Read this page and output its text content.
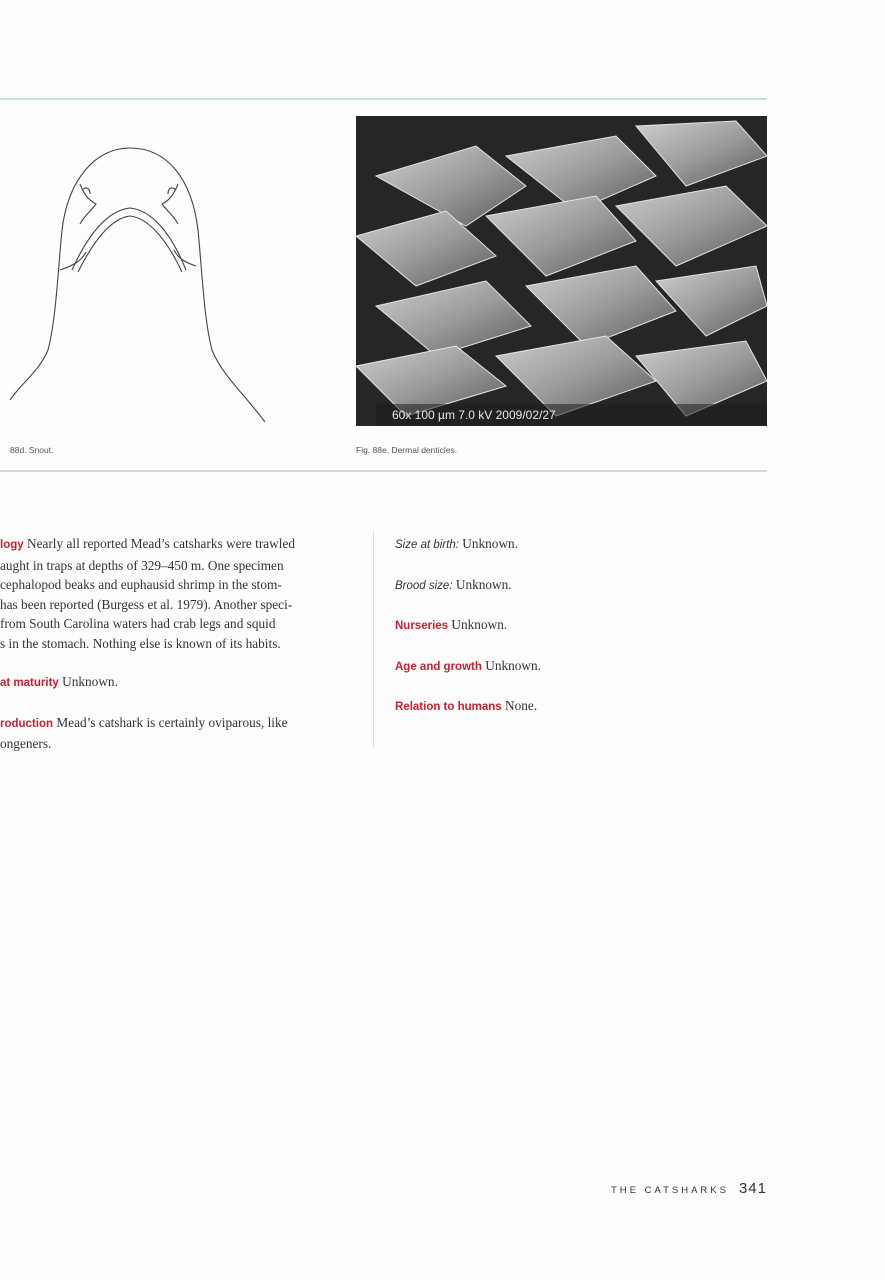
60x 100 µm 7.0 kV 2009/02/27
88d. Snout.	Fig. 88e. Dermal denticles.

logy Nearly all reported Mead’s catsharks were trawled
aught in traps at depths of 329–450 m. One specimen
cephalopod beaks and euphausid shrimp in the stom-
has been reported (Burgess et al. 1979). Another speci-
from South Carolina waters had crab legs and squid
s in the stomach. Nothing else is known of its habits.

at maturity Unknown.

roduction Mead’s catshark is certainly oviparous, like
ongeners.

Size at birth: Unknown.

Brood size: Unknown.

Nurseries Unknown.

Age and growth Unknown.

Relation to humans None.

THE CATSHARKS 341
